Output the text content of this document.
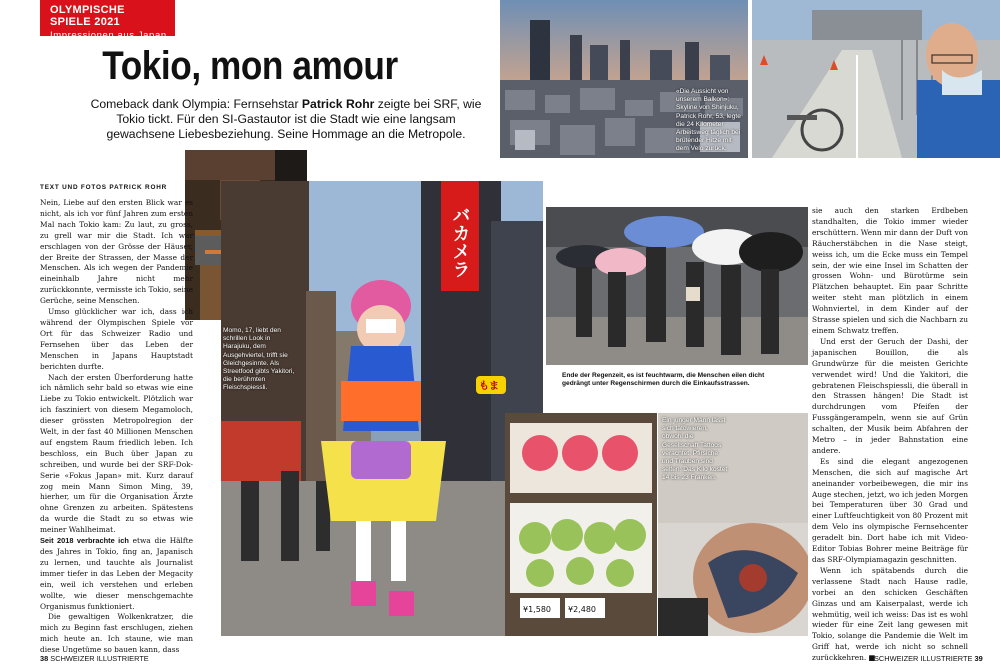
OLYMPISCHE SPIELE 2021
Impressionen aus Japan
Tokio, mon amour
Comeback dank Olympia: Fernsehstar Patrick Rohr zeigte bei SRF, wie Tokio tickt. Für den SI-Gastautor ist die Stadt wie eine langsam gewachsene Liebesbeziehung. Seine Hommage an die Metropole.
«Die Aussicht von unserem Balkon»: Skyline von Shinjuku, Patrick Rohr, 53, legte die 24 Kilometer Arbeitsweg täglich bei brütender Hitze mit dem Velo zurück.
バカメラ
もま
Momo, 17, liebt den schrillen Look in Harajuku, dem Ausgehviertel, trifft sie Gleichgesinnte. Als Streetfood gibts Yakitori, die berühmten Fleischspiessli.
Ende der Regenzeit, es ist feuchtwarm, die Menschen eilen dicht gedrängt unter Regenschirmen durch die Einkaufsstrassen.
¥1,580 ¥2,480
Ein junger Mann lässt sich tätowieren, obwohl die Gesellschaft Tattoos verachtet. Pfirsiche und Trauben sind selten: Das Kilo kostet 14 bis 23 Franken.
TEXT UND FOTOS PATRICK ROHR

Nein, Liebe auf den ersten Blick war es nicht, als ich vor fünf Jahren zum ersten Mal nach Tokio kam: Zu laut, zu gross, zu grell war mir die Stadt. Ich war erschlagen von der Grösse der Häuser, der Breite der Strassen, der Masse der Menschen. Als ich wegen der Pandemie eineinhalb Jahre nicht mehr zurückkonnte, vermisste ich Tokio, seine Gerüche, seine Menschen.

Umso glücklicher war ich, dass ich während der Olympischen Spiele vor Ort für das Schweizer Radio und Fernsehen über das Leben der Menschen in Japans Hauptstadt berichten durfte.

Nach der ersten Überforderung hatte ich nämlich sehr bald so etwas wie eine Liebe zu Tokio entwickelt. Plötzlich war ich fasziniert von diesem Megamoloch, dieser grössten Metropolregion der Welt, in der fast 40 Millionen Menschen auf engstem Raum friedlich leben. Ich beschloss, ein Buch über Japan zu schreiben, und wurde bei der SRF-Dok-Serie «Fokus Japan» mit. Kurz darauf zog mein Mann Simon Ming, 39, hierher, um für die Organisation Ärzte ohne Grenzen zu arbeiten. Spätestens da wurde die Stadt zu so etwas wie meiner Wahlheimat.

Seit 2018 verbrachte ich etwa die Hälfte des Jahres in Tokio, fing an, Japanisch zu lernen, und tauchte als Journalist immer tiefer in das Leben der Megacity ein, weil ich verstehen und erleben wollte, wie dieser menschgemachte Organismus funktioniert.

Die gewaltigen Wolkenkratzer, die mich zu Beginn fast erschlugen, ziehen mich heute an. Ich staune, wie man diese Ungetüme so bauen kann, dass

sie auch den starken Erdbeben standhalten, die Tokio immer wieder erschüttern. Wenn mir dann der Duft von Räucherstäbchen in die Nase steigt, weiss ich, um die Ecke muss ein Tempel sein, der wie eine Insel im Schatten der grossen Wohn- und Bürotürme sein Plätzchen behauptet. Ein paar Schritte weiter steht man plötzlich in einem Wohnviertel, in dem Kinder auf der Strasse spielen und sich die Nachbarn zu einem Schwatz treffen.

Und erst der Geruch der Dashi, der japanischen Bouillon, die als Grundwürze für die meisten Gerichte verwendet wird! Und die Yakitori, die gebratenen Fleischspiessli, die überall in den Strassen hängen! Die Stadt ist durchdrungen vom Pfeifen der Fussgängerampeln, wenn sie auf Grün schalten, der Musik beim Abfahren der Metro – in jeder Bahnstation eine andere.

Es sind die elegant angezogenen Menschen, die sich auf magische Art aneinander vorbeibewegen, die mir ins Auge stechen, jetzt, wo ich jeden Morgen bei Temperaturen über 30 Grad und einer Luftfeuchtigkeit von 80 Prozent mit dem Velo ins olympische Fernsehcenter geradelt bin. Dort habe ich mit Video-Editor Tobias Bohrer meine Beiträge für das SRF-Olympiamagazin geschnitten.

Wenn ich spätabends durch die verlassene Stadt nach Hause radle, vorbei an den schicken Geschäften Ginzas und am Kaiserpalast, werde ich wehmütig, weil ich weiss: Das ist es wohl wieder für eine Zeit lang gewesen mit Tokio, solange die Pandemie die Welt im Griff hat, werde ich nicht so schnell zurückkehren. ■

38 SCHWEIZER ILLUSTRIERTE	SCHWEIZER ILLUSTRIERTE 39
